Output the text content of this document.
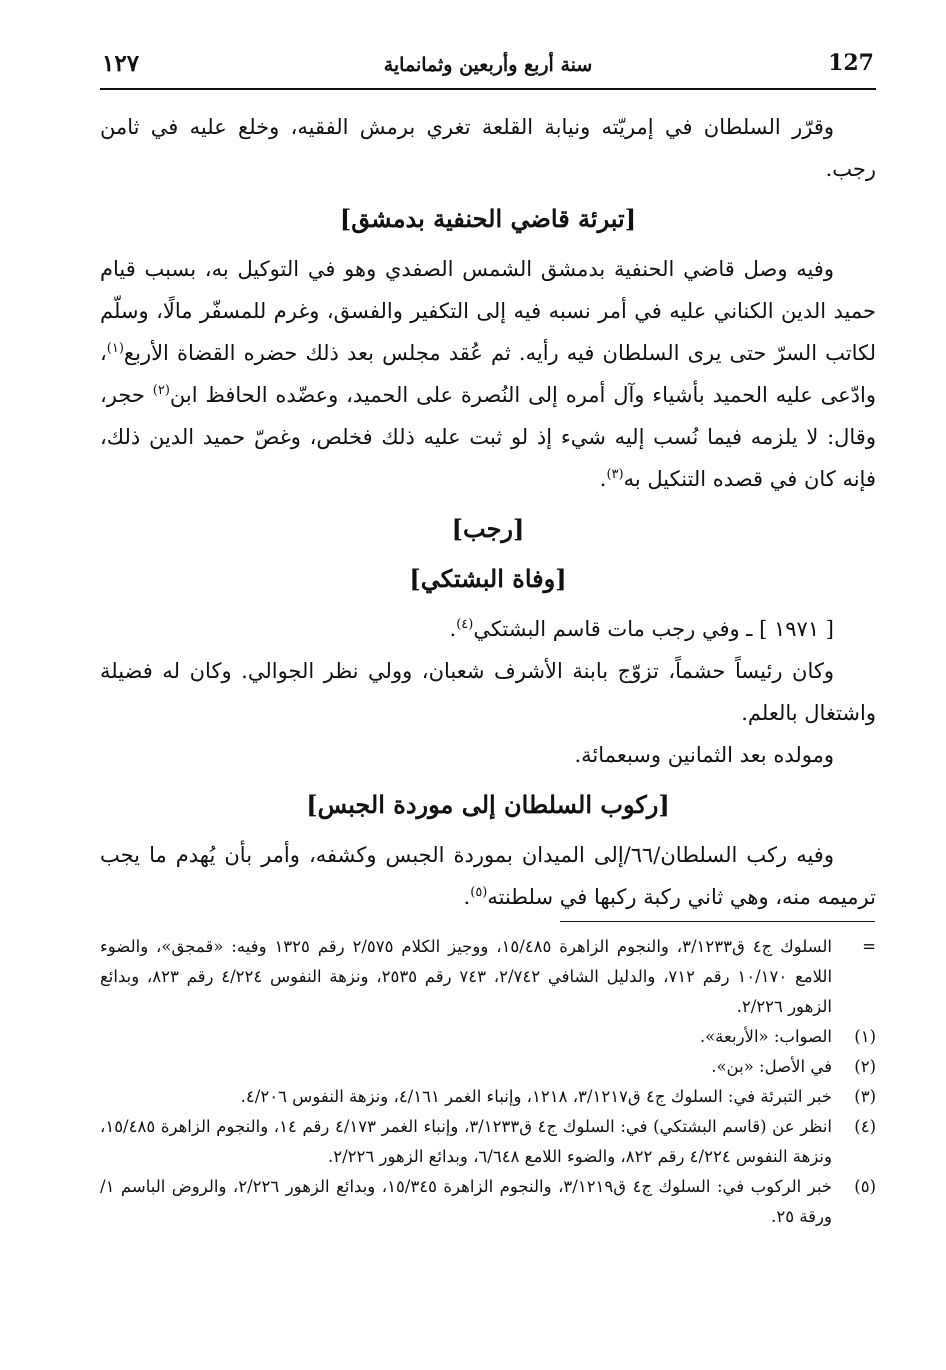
127
سنة أربع وأربعين وثمانماية
١٢٧

وقرّر السلطان في إمريّته ونيابة القلعة تغري برمش الفقيه، وخلع عليه في ثامن رجب.

[تبرئة قاضي الحنفية بدمشق]

وفيه وصل قاضي الحنفية بدمشق الشمس الصفدي وهو في التوكيل به، بسبب قيام حميد الدين الكناني عليه في أمر نسبه فيه إلى التكفير والفسق، وغرم للمسفّر مالًا، وسلّم لكاتب السرّ حتى يرى السلطان فيه رأيه. ثم عُقد مجلس بعد ذلك حضره القضاة الأربع$^{(١)}$، وادّعى عليه الحميد بأشياء وآل أمره إلى النُصرة على الحميد، وعضّده الحافظ ابن$^{(٢)}$ حجر، وقال: لا يلزمه فيما نُسب إليه شيء إذ لو ثبت عليه ذلك فخلص، وغصّ حميد الدين ذلك، فإنه كان في قصده التنكيل به$^{(٣)}$.

[رجب]
[وفاة البشتكي]

[ ١٩٧١ ] ـ وفي رجب مات قاسم البشتكي$^{(٤)}$.

وكان رئيساً حشماً، تزوّج بابنة الأشرف شعبان، وولي نظر الجوالي. وكان له فضيلة واشتغال بالعلم.

ومولده بعد الثمانين وسبعمائة.

[ركوب السلطان إلى موردة الجبس]

وفيه ركب السلطان/٦٦/إلى الميدان بموردة الجبس وكشفه، وأمر بأن يُهدم ما يجب ترميمه منه، وهي ثاني ركبة ركبها في سلطنته$^{(٥)}$.

=
السلوك ج٤ ق٣/١٢٣٣، والنجوم الزاهرة ١٥/٤٨٥، ووجيز الكلام ٢/٥٧٥ رقم ١٣٢٥ وفيه: «قمجق»، والضوء اللامع ١٠/١٧٠ رقم ٧١٢، والدليل الشافي ٢/٧٤٢، ٧٤٣ رقم ٢٥٣٥، ونزهة النفوس ٤/٢٢٤ رقم ٨٢٣، وبدائع الزهور ٢/٢٢٦.
(١)
الصواب: «الأربعة».
(٢)
في الأصل: «بن».
(٣)
خبر التبرئة في: السلوك ج٤ ق٣/١٢١٧، ١٢١٨، وإنباء الغمر ٤/١٦١، ونزهة النفوس ٤/٢٠٦.
(٤)
انظر عن (قاسم البشتكي) في: السلوك ج٤ ق٣/١٢٣٣، وإنباء الغمر ٤/١٧٣ رقم ١٤، والنجوم الزاهرة ١٥/٤٨٥، ونزهة النفوس ٤/٢٢٤ رقم ٨٢٢، والضوء اللامع ٦/٦٤٨، وبدائع الزهور ٢/٢٢٦.
(٥)
خبر الركوب في: السلوك ج٤ ق٣/١٢١٩، والنجوم الزاهرة ١٥/٣٤٥، وبدائع الزهور ٢/٢٢٦، والروض الباسم ١/ورقة ٢٥.
